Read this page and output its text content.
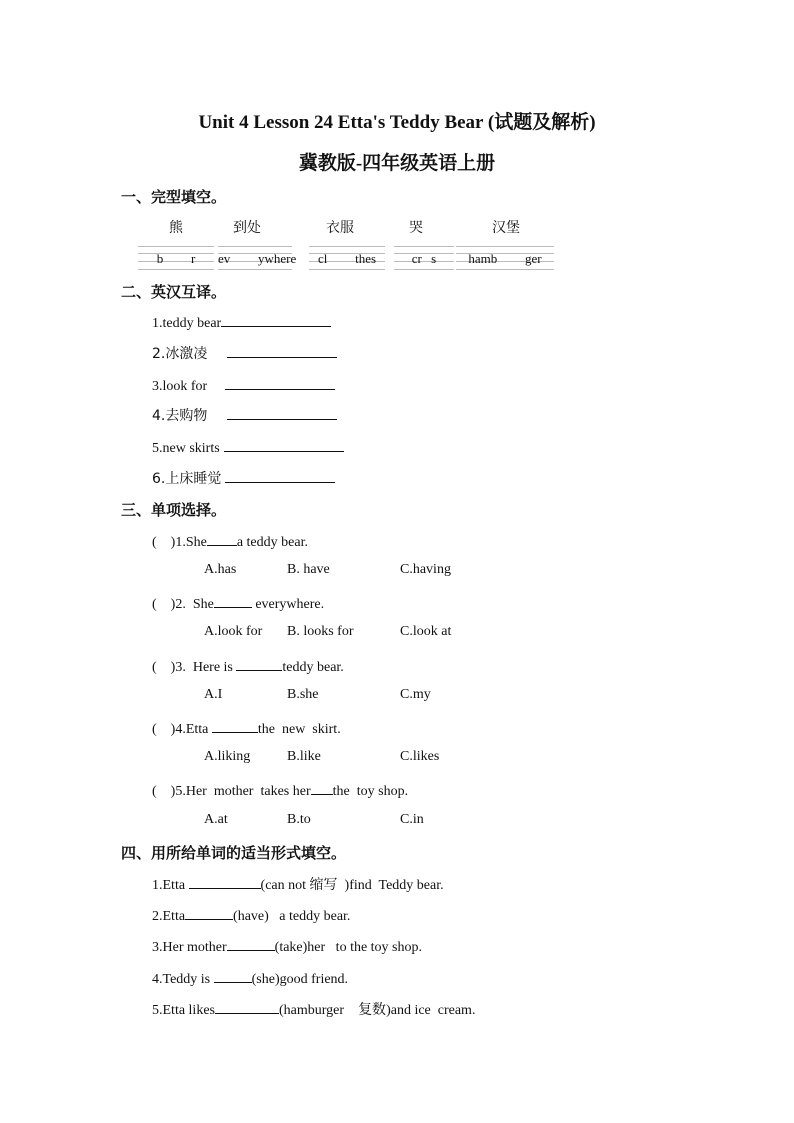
Unit 4 Lesson 24 Etta's Teddy Bear (试题及解析)
冀教版-四年级英语上册
一、完型填空。
熊	到处	衣服	哭	汉堡
b   r	ev   ywhere	cl   thes	cr s	hamb   ger
二、英汉互译。
1.teddy bear
2.冰激凌
3.look for
4.去购物
5.new skirts
6.上床睡觉
三、单项选择。
(    )1.She a teddy bear.
A.has	B. have	C.having
(    )2.  She	everywhere.
A.look for B. looks for	C.look at
(    )3.  Here is	teddy bear.
A.I	B.she	C.my
(    )4.Etta	the  new  skirt.
A.liking	B.like	C.likes
(    )5.Her  mother  takes her the  toy shop.
A.at	B.to	C.in
四、用所给单词的适当形式填空。
1.Etta	(can not 缩写  )find  Teddy bear.
2.Etta	(have)   a teddy bear.
3.Her mother	(take)her   to the toy shop.
4.Teddy is	(she)good friend.
5.Etta likes	(hamburger    复数)and ice  cream.
